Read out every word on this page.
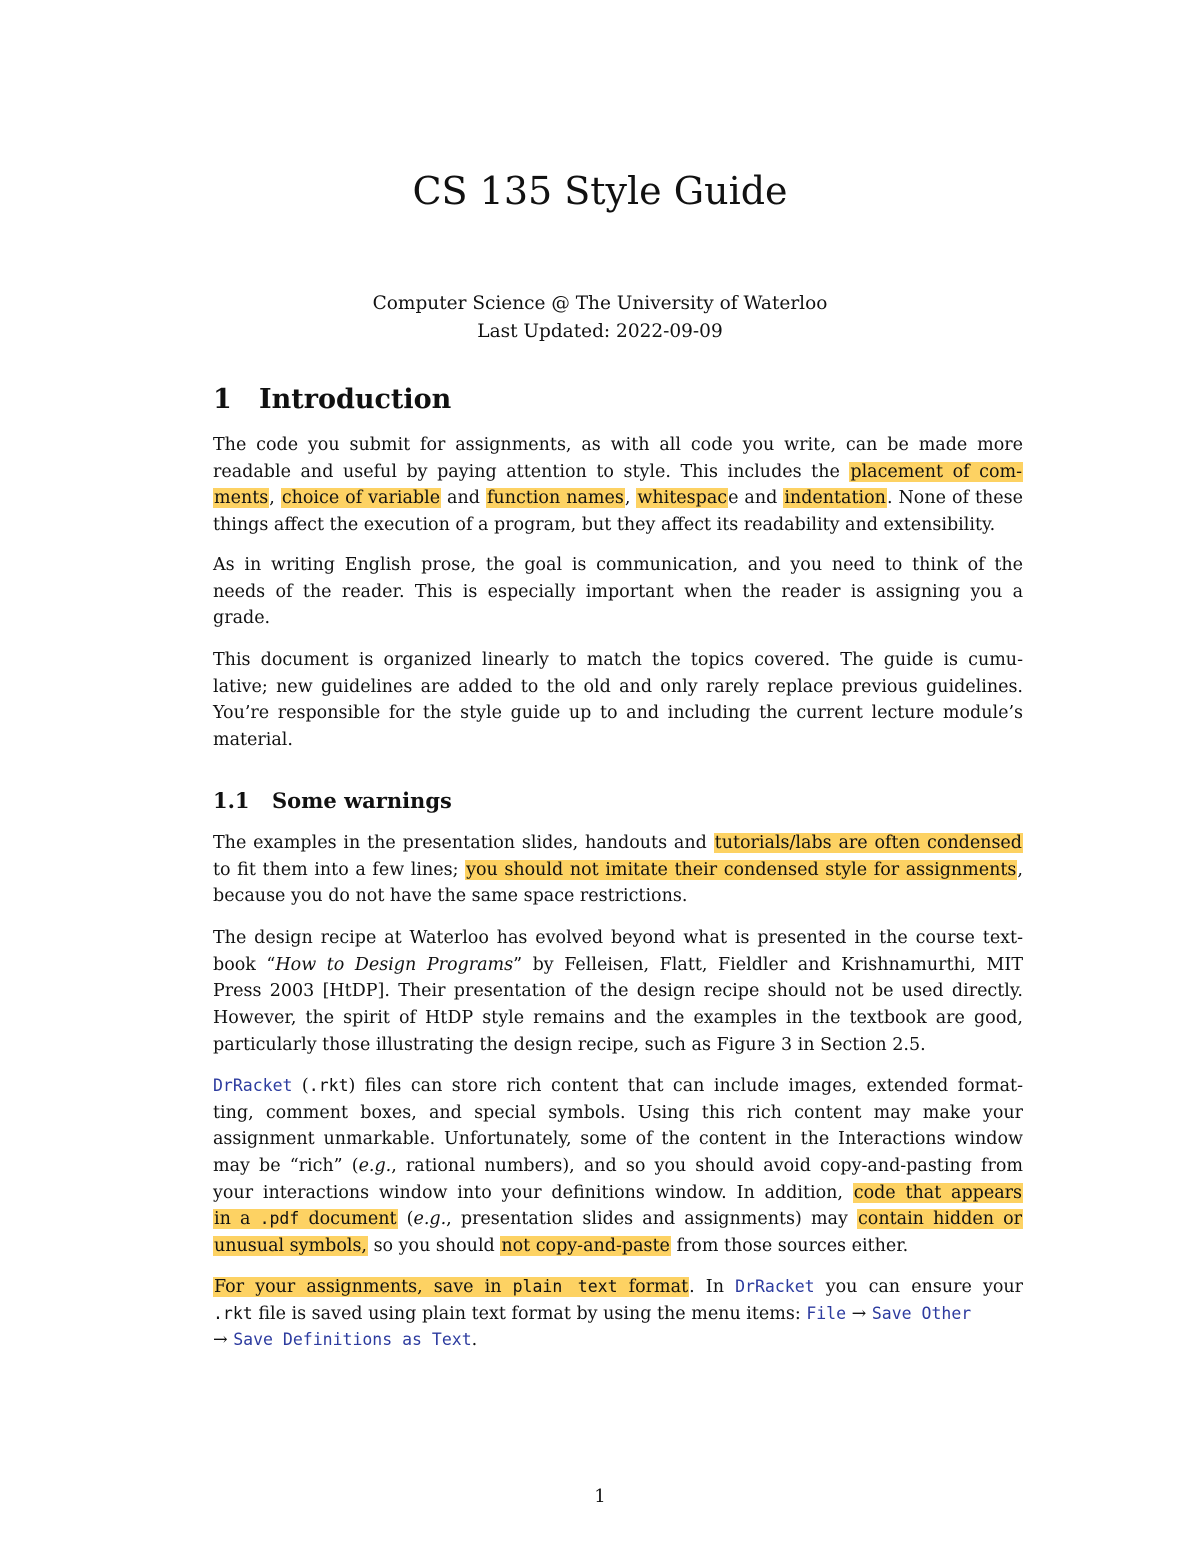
CS 135 Style Guide
Computer Science @ The University of Waterloo
Last Updated: 2022-09-09
1 Introduction
The code you submit for assignments, as with all code you write, can be made more
readable and useful by paying attention to style. This includes the placement of com-
ments, choice of variable and function names, whitespace and indentation. None of these
things affect the execution of a program, but they affect its readability and extensibility.
As in writing English prose, the goal is communication, and you need to think of the
needs of the reader. This is especially important when the reader is assigning you a
grade.
This document is organized linearly to match the topics covered. The guide is cumu-
lative; new guidelines are added to the old and only rarely replace previous guidelines.
You’re responsible for the style guide up to and including the current lecture module’s
material.
1.1 Some warnings
The examples in the presentation slides, handouts and tutorials/labs are often condensed
to fit them into a few lines; you should not imitate their condensed style for assignments,
because you do not have the same space restrictions.
The design recipe at Waterloo has evolved beyond what is presented in the course text-
book “How to Design Programs” by Felleisen, Flatt, Fieldler and Krishnamurthi, MIT
Press 2003 [HtDP]. Their presentation of the design recipe should not be used directly.
However, the spirit of HtDP style remains and the examples in the textbook are good,
particularly those illustrating the design recipe, such as Figure 3 in Section 2.5.
DrRacket (.rkt) files can store rich content that can include images, extended format-
ting, comment boxes, and special symbols. Using this rich content may make your
assignment unmarkable. Unfortunately, some of the content in the Interactions window
may be “rich” (e.g., rational numbers), and so you should avoid copy-and-pasting from
your interactions window into your definitions window. In addition, code that appears
in a .pdf document (e.g., presentation slides and assignments) may contain hidden or
unusual symbols, so you should not copy-and-paste from those sources either.
For your assignments, save in plain text format. In DrRacket you can ensure your
.rkt file is saved using plain text format by using the menu items: File → Save Other
→ Save Definitions as Text.
1
